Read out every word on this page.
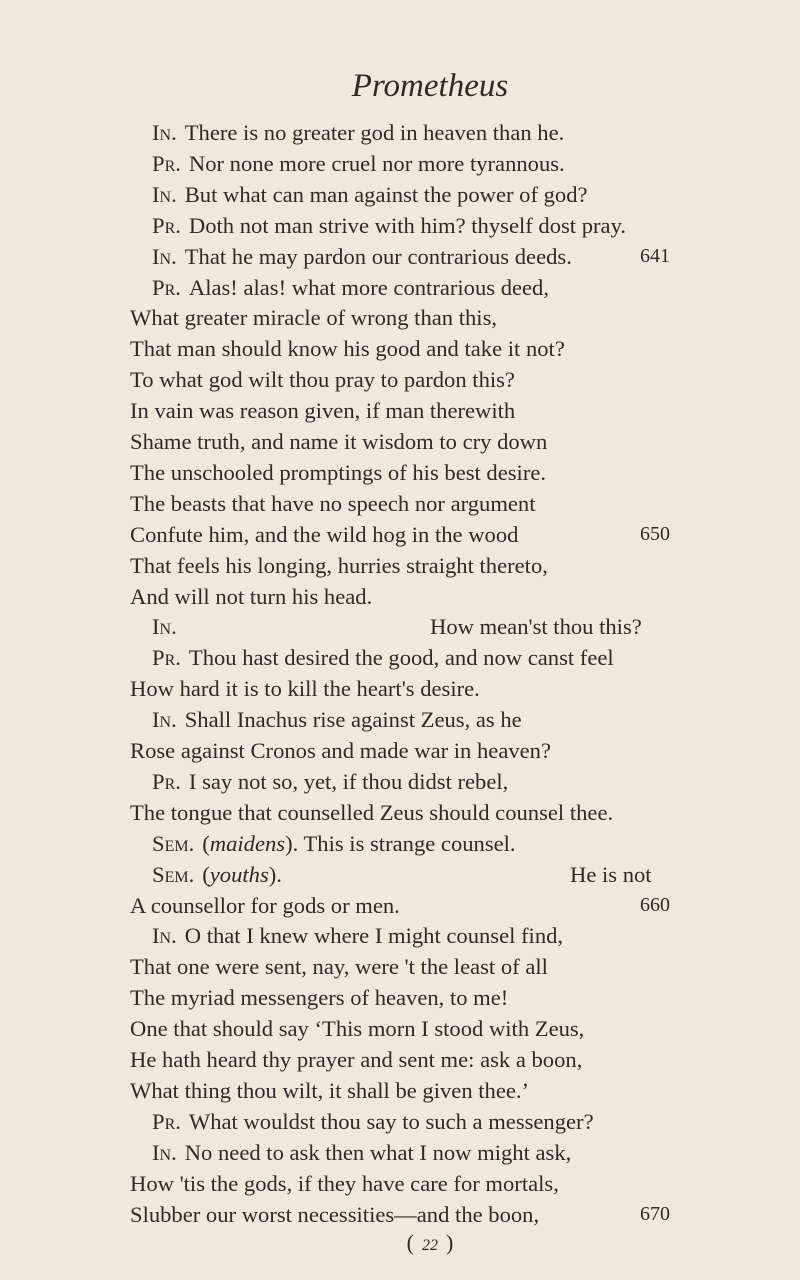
Prometheus
In. There is no greater god in heaven than he.
Pr. Nor none more cruel nor more tyrannous.
In. But what can man against the power of god?
Pr. Doth not man strive with him? thyself dost pray.
In. That he may pardon our contrarious deeds.	641
Pr. Alas! alas! what more contrarious deed,
What greater miracle of wrong than this,
That man should know his good and take it not?
To what god wilt thou pray to pardon this?
In vain was reason given, if man therewith
Shame truth, and name it wisdom to cry down
The unschooled promptings of his best desire.
The beasts that have no speech nor argument
Confute him, and the wild hog in the wood	650
That feels his longing, hurries straight thereto,
And will not turn his head.
In.	How mean'st thou this?
Pr. Thou hast desired the good, and now canst feel
How hard it is to kill the heart's desire.
In. Shall Inachus rise against Zeus, as he
Rose against Cronos and made war in heaven?
Pr. I say not so, yet, if thou didst rebel,
The tongue that counselled Zeus should counsel thee.
Sem. (maidens). This is strange counsel.
Sem. (youths).	He is not
A counsellor for gods or men.	660
In. O that I knew where I might counsel find,
That one were sent, nay, were 't the least of all
The myriad messengers of heaven, to me!
One that should say ‘This morn I stood with Zeus,
He hath heard thy prayer and sent me: ask a boon,
What thing thou wilt, it shall be given thee.’
Pr. What wouldst thou say to such a messenger?
In. No need to ask then what I now might ask,
How 'tis the gods, if they have care for mortals,
Slubber our worst necessities—and the boon,	670
( 22 )
